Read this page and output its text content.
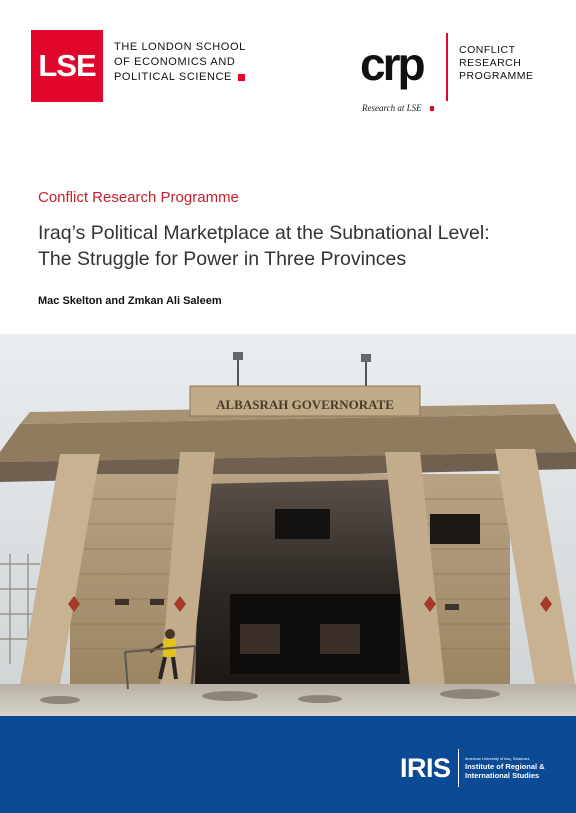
LSE
THE LONDON SCHOOL
OF ECONOMICS AND
POLITICAL SCIENCE	crp
Research at LSE
CONFLICT
RESEARCH
PROGRAMME
Conflict Research Programme
Iraq’s Political Marketplace at the Subnational Level:
The Struggle for Power in Three Provinces
Mac Skelton and Zmkan Ali Saleem
ALBASRAH GOVERNORATE
IRIS	American University of Iraq, Sulaimani
Institute of Regional &
International Studies
